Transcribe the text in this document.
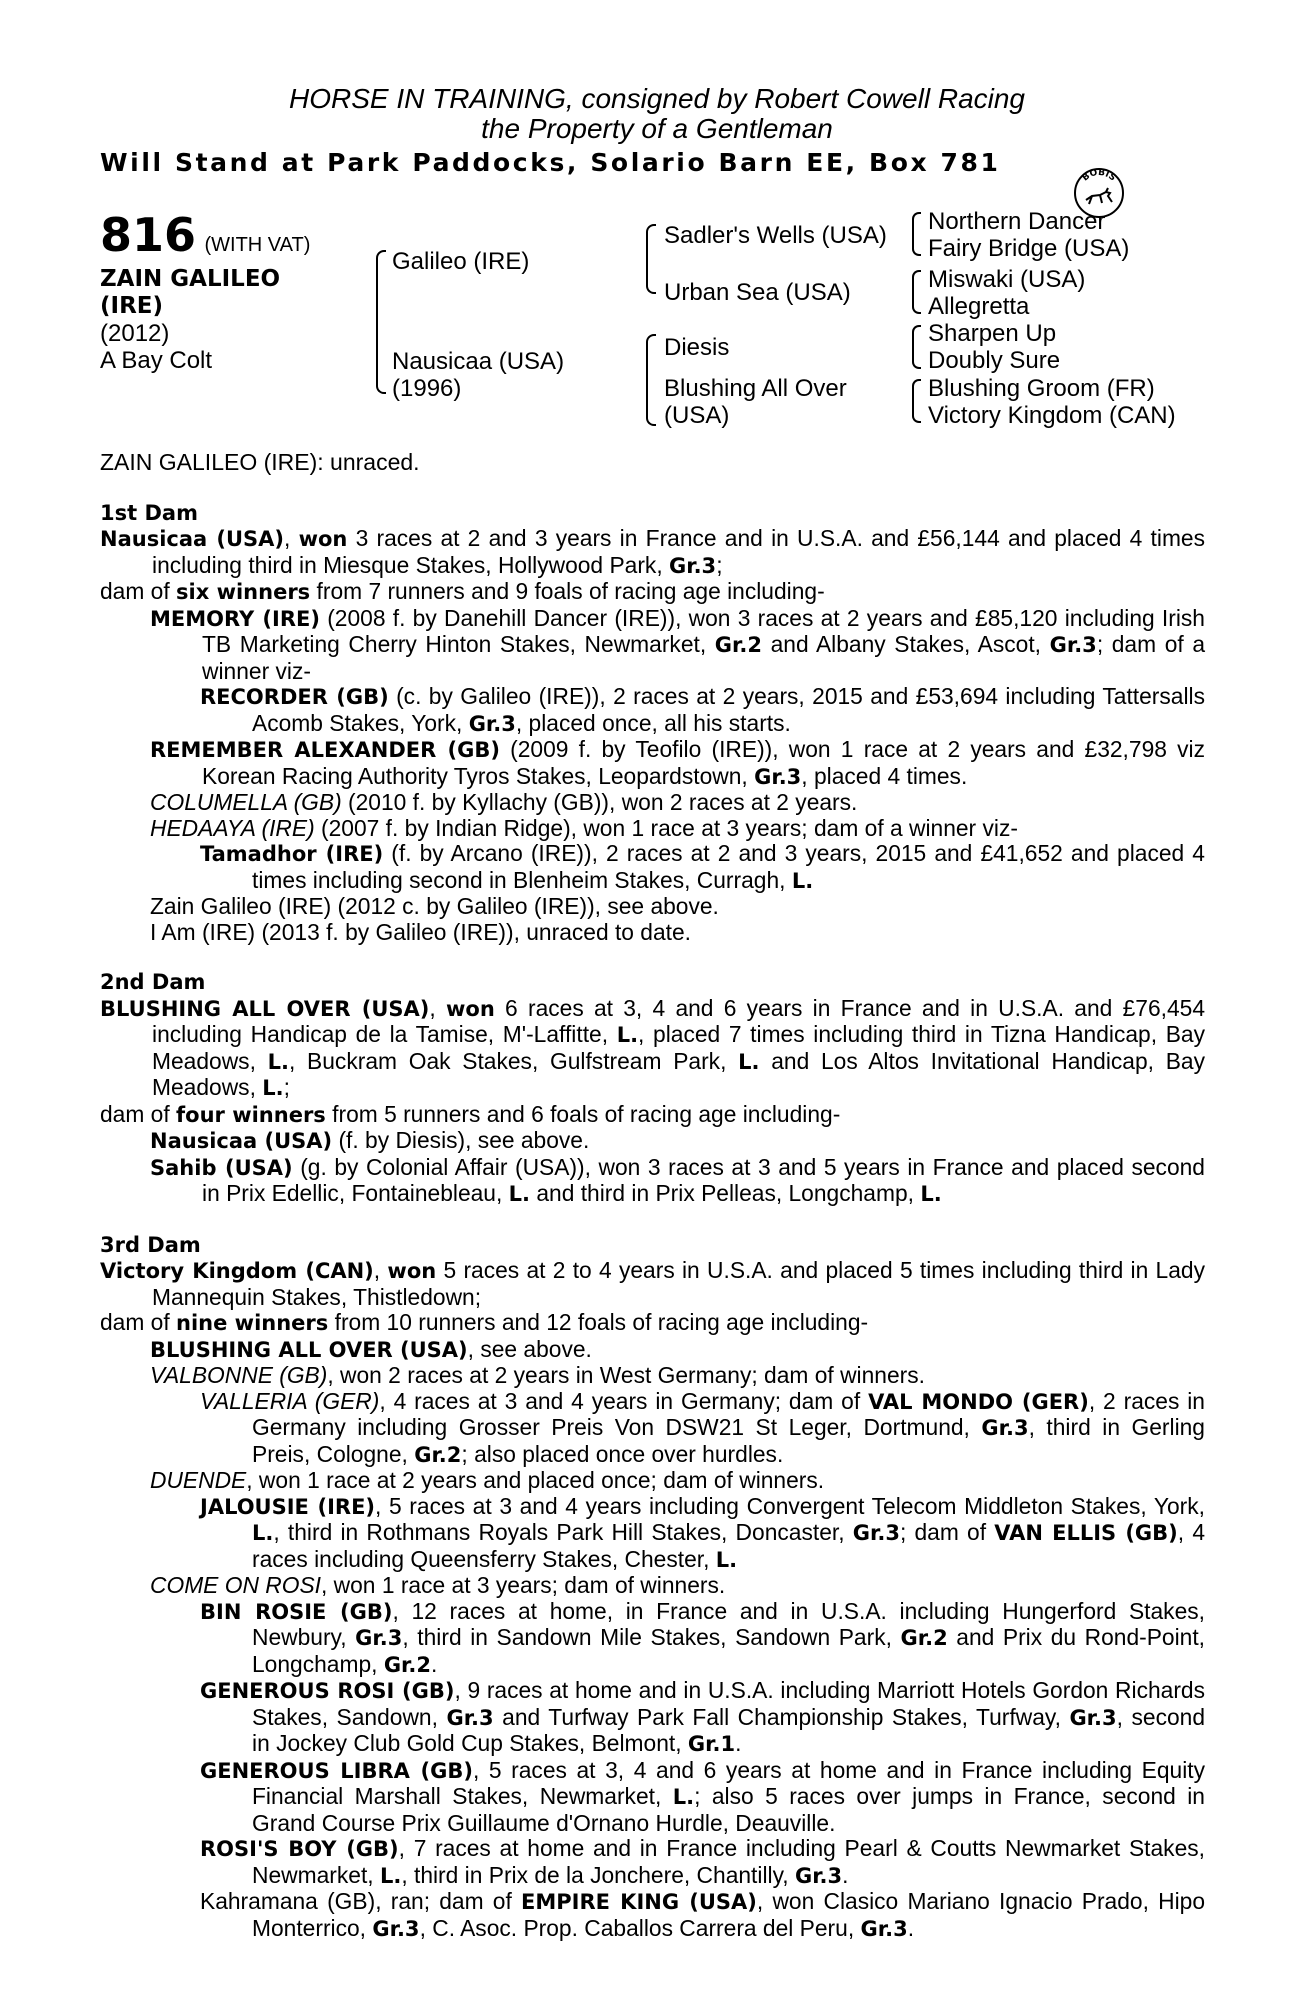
HORSE IN TRAINING, consigned by Robert Cowell Racing
the Property of a Gentleman
Will Stand at Park Paddocks, Solario Barn EE, Box 781
BOBIS
816 (WITH VAT)
ZAIN GALILEO
(IRE)
(2012)
A Bay Colt
Galileo (IRE)
Nausicaa (USA)
(1996)
Sadler's Wells (USA)
Urban Sea (USA)
Diesis
Blushing All Over
(USA)
Northern Dancer
Fairy Bridge (USA)
Miswaki (USA)
Allegretta
Sharpen Up
Doubly Sure
Blushing Groom (FR)
Victory Kingdom (CAN)

ZAIN GALILEO (IRE): unraced.

1st Dam

Nausicaa (USA), won 3 races at 2 and 3 years in France and in U.S.A. and £56,144 and placed 4 times including third in Miesque Stakes, Hollywood Park, Gr.3;

dam of six winners from 7 runners and 9 foals of racing age including-

MEMORY (IRE) (2008 f. by Danehill Dancer (IRE)), won 3 races at 2 years and £85,120 including Irish TB Marketing Cherry Hinton Stakes, Newmarket, Gr.2 and Albany Stakes, Ascot, Gr.3; dam of a winner viz-

RECORDER (GB) (c. by Galileo (IRE)), 2 races at 2 years, 2015 and £53,694 including Tattersalls Acomb Stakes, York, Gr.3, placed once, all his starts.

REMEMBER ALEXANDER (GB) (2009 f. by Teofilo (IRE)), won 1 race at 2 years and £32,798 viz Korean Racing Authority Tyros Stakes, Leopardstown, Gr.3, placed 4 times.

COLUMELLA (GB) (2010 f. by Kyllachy (GB)), won 2 races at 2 years.

HEDAAYA (IRE) (2007 f. by Indian Ridge), won 1 race at 3 years; dam of a winner viz-

Tamadhor (IRE) (f. by Arcano (IRE)), 2 races at 2 and 3 years, 2015 and £41,652 and placed 4 times including second in Blenheim Stakes, Curragh, L.

Zain Galileo (IRE) (2012 c. by Galileo (IRE)), see above.

I Am (IRE) (2013 f. by Galileo (IRE)), unraced to date.

2nd Dam

BLUSHING ALL OVER (USA), won 6 races at 3, 4 and 6 years in France and in U.S.A. and £76,454 including Handicap de la Tamise, M'-Laffitte, L., placed 7 times including third in Tizna Handicap, Bay Meadows, L., Buckram Oak Stakes, Gulfstream Park, L. and Los Altos Invitational Handicap, Bay Meadows, L.;

dam of four winners from 5 runners and 6 foals of racing age including-

Nausicaa (USA) (f. by Diesis), see above.

Sahib (USA) (g. by Colonial Affair (USA)), won 3 races at 3 and 5 years in France and placed second in Prix Edellic, Fontainebleau, L. and third in Prix Pelleas, Longchamp, L.

3rd Dam

Victory Kingdom (CAN), won 5 races at 2 to 4 years in U.S.A. and placed 5 times including third in Lady Mannequin Stakes, Thistledown;

dam of nine winners from 10 runners and 12 foals of racing age including-

BLUSHING ALL OVER (USA), see above.

VALBONNE (GB), won 2 races at 2 years in West Germany; dam of winners.

VALLERIA (GER), 4 races at 3 and 4 years in Germany; dam of VAL MONDO (GER), 2 races in Germany including Grosser Preis Von DSW21 St Leger, Dortmund, Gr.3, third in Gerling Preis, Cologne, Gr.2; also placed once over hurdles.

DUENDE, won 1 race at 2 years and placed once; dam of winners.

JALOUSIE (IRE), 5 races at 3 and 4 years including Convergent Telecom Middleton Stakes, York, L., third in Rothmans Royals Park Hill Stakes, Doncaster, Gr.3; dam of VAN ELLIS (GB), 4 races including Queensferry Stakes, Chester, L.

COME ON ROSI, won 1 race at 3 years; dam of winners.

BIN ROSIE (GB), 12 races at home, in France and in U.S.A. including Hungerford Stakes, Newbury, Gr.3, third in Sandown Mile Stakes, Sandown Park, Gr.2 and Prix du Rond-Point, Longchamp, Gr.2.

GENEROUS ROSI (GB), 9 races at home and in U.S.A. including Marriott Hotels Gordon Richards Stakes, Sandown, Gr.3 and Turfway Park Fall Championship Stakes, Turfway, Gr.3, second in Jockey Club Gold Cup Stakes, Belmont, Gr.1.

GENEROUS LIBRA (GB), 5 races at 3, 4 and 6 years at home and in France including Equity Financial Marshall Stakes, Newmarket, L.; also 5 races over jumps in France, second in Grand Course Prix Guillaume d'Ornano Hurdle, Deauville.

ROSI'S BOY (GB), 7 races at home and in France including Pearl & Coutts Newmarket Stakes, Newmarket, L., third in Prix de la Jonchere, Chantilly, Gr.3.

Kahramana (GB), ran; dam of EMPIRE KING (USA), won Clasico Mariano Ignacio Prado, Hipo Monterrico, Gr.3, C. Asoc. Prop. Caballos Carrera del Peru, Gr.3.
